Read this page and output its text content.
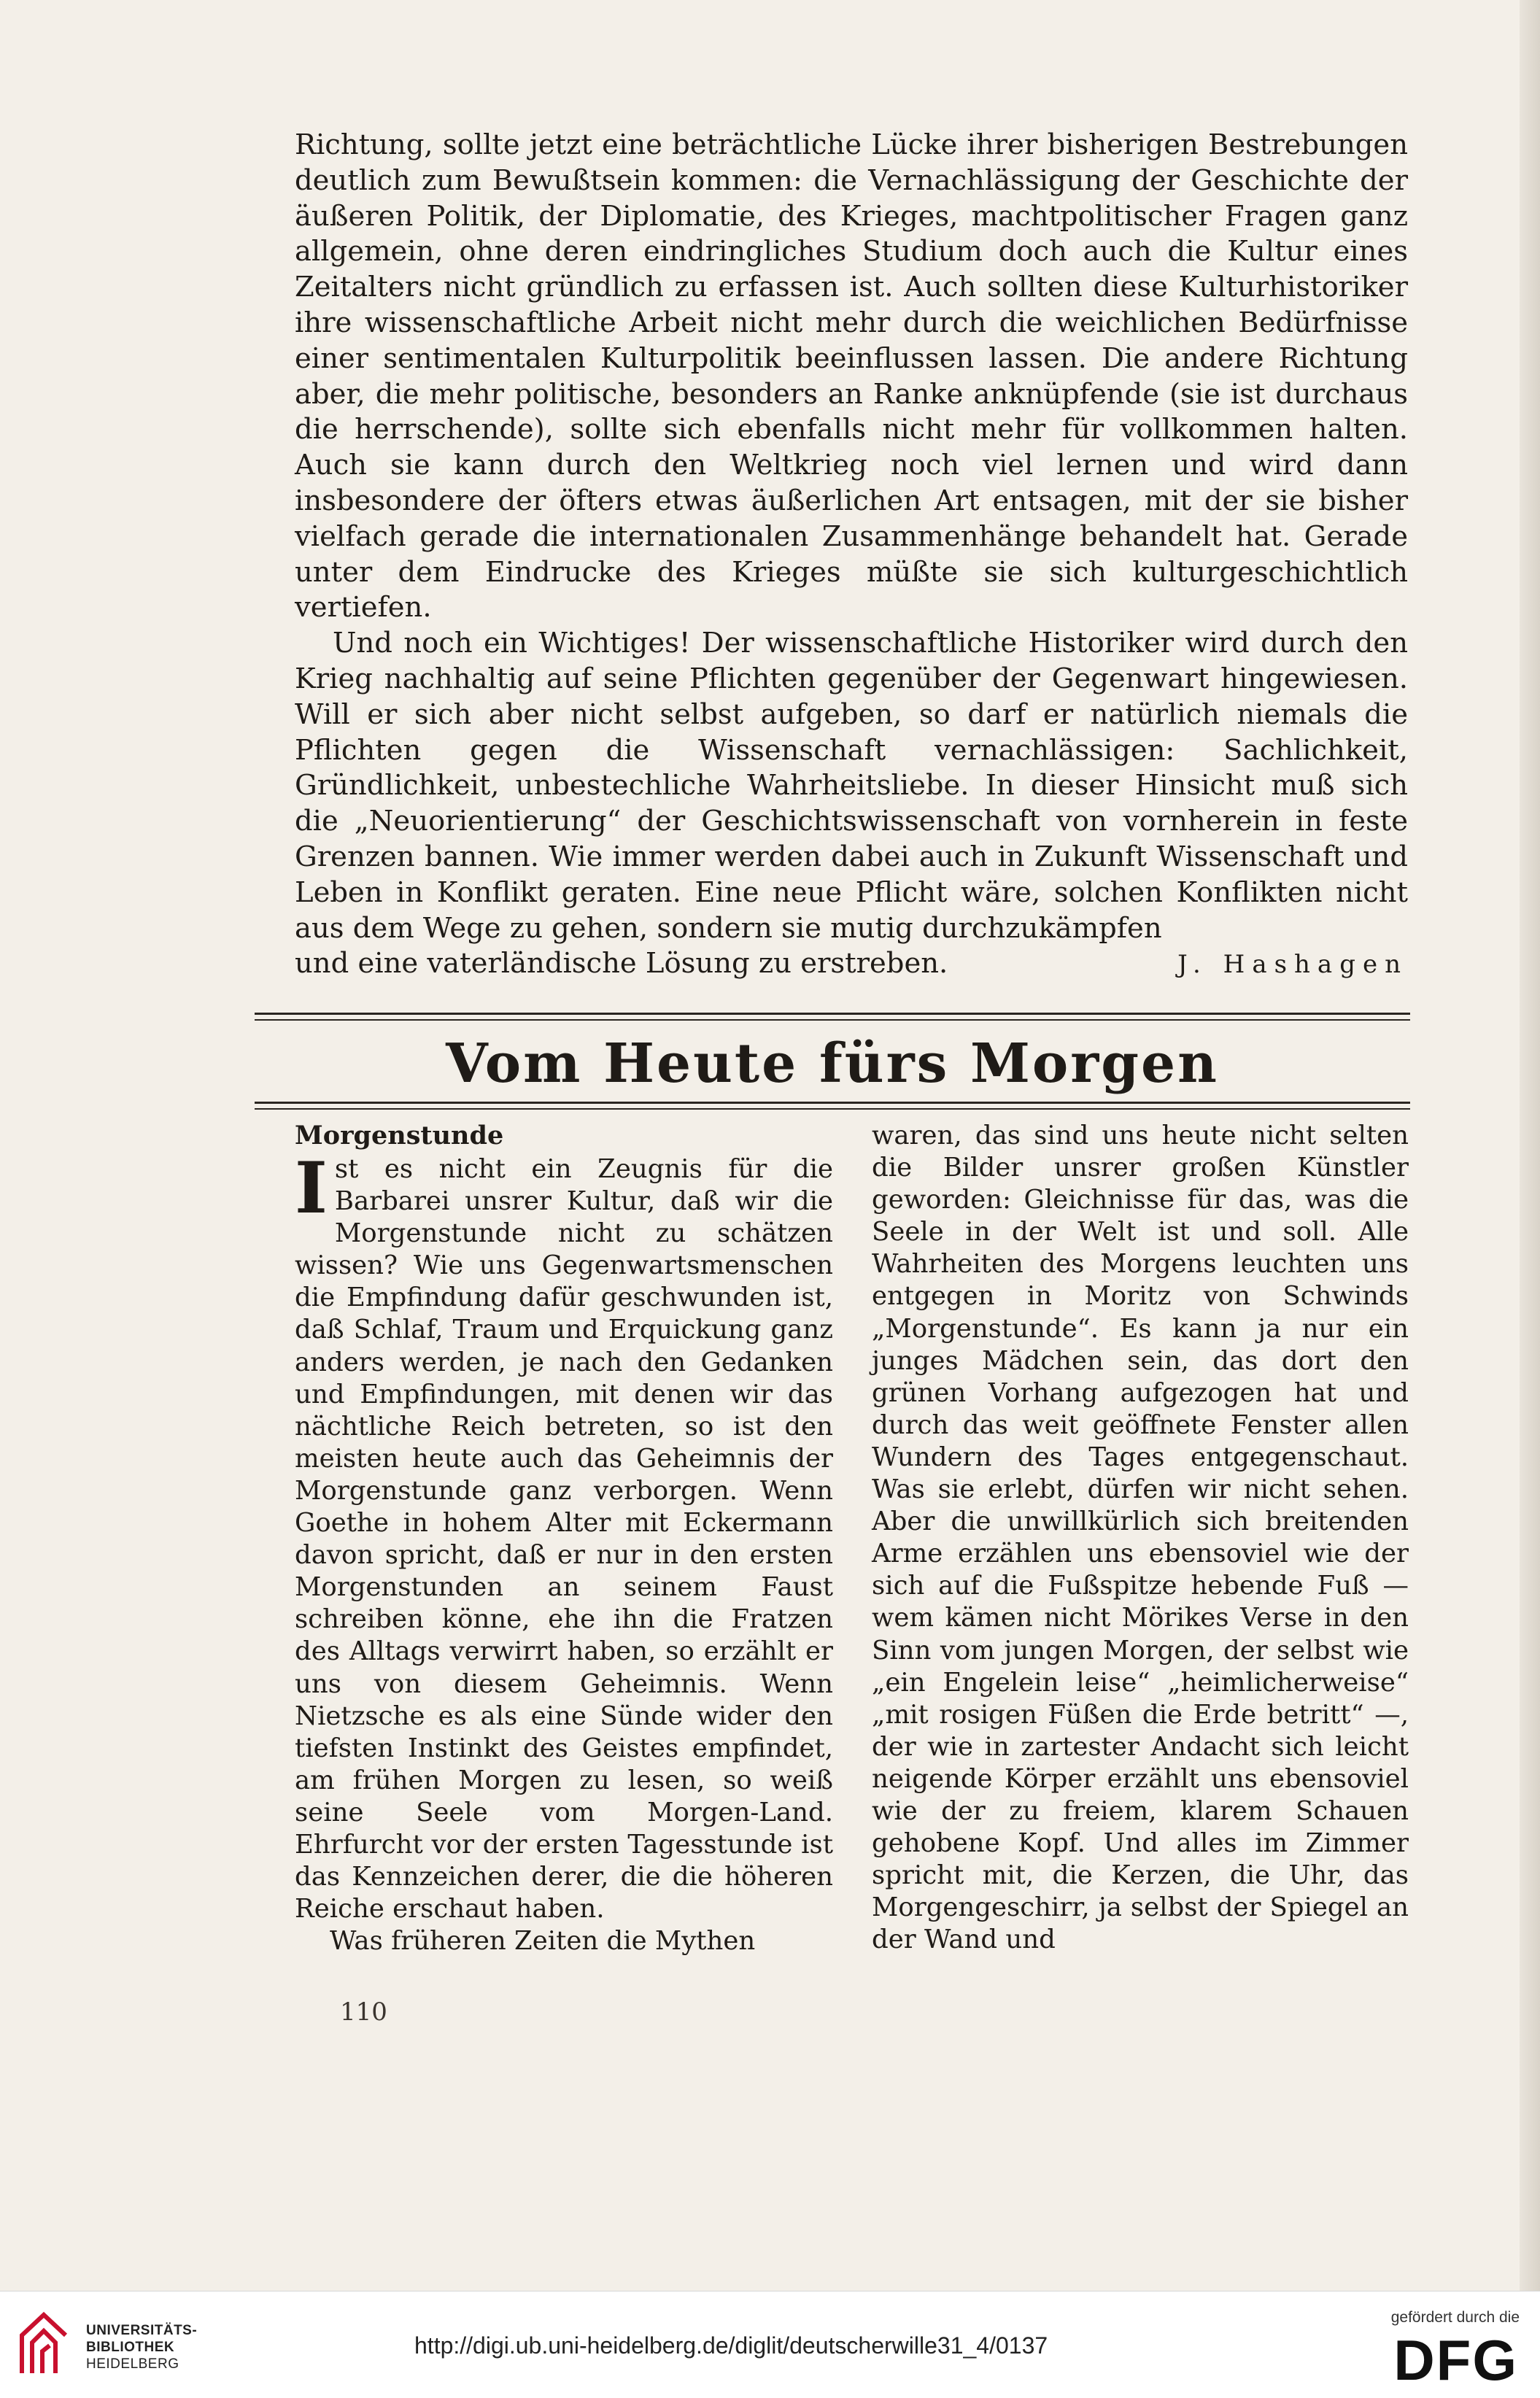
Richtung, sollte jetzt eine beträchtliche Lücke ihrer bisherigen Bestrebungen deutlich zum Bewußtsein kommen: die Vernachlässigung der Geschichte der äußeren Politik, der Diplomatie, des Krieges, machtpolitischer Fragen ganz allgemein, ohne deren eindringliches Studium doch auch die Kultur eines Zeitalters nicht gründlich zu erfassen ist. Auch sollten diese Kulturhistoriker ihre wissenschaftliche Arbeit nicht mehr durch die weichlichen Bedürfnisse einer sentimentalen Kulturpolitik beeinflussen lassen. Die andere Richtung aber, die mehr politische, besonders an Ranke anknüpfende (sie ist durchaus die herrschende), sollte sich ebenfalls nicht mehr für vollkommen halten. Auch sie kann durch den Weltkrieg noch viel lernen und wird dann insbesondere der öfters etwas äußerlichen Art entsagen, mit der sie bisher vielfach gerade die internationalen Zusammenhänge behandelt hat. Gerade unter dem Eindrucke des Krieges müßte sie sich kulturgeschichtlich vertiefen.

Und noch ein Wichtiges! Der wissenschaftliche Historiker wird durch den Krieg nachhaltig auf seine Pflichten gegenüber der Gegenwart hingewiesen. Will er sich aber nicht selbst aufgeben, so darf er natürlich niemals die Pflichten gegen die Wissenschaft vernachlässigen: Sachlichkeit, Gründlichkeit, unbestechliche Wahrheitsliebe. In dieser Hinsicht muß sich die „Neuorientierung“ der Geschichtswissenschaft von vornherein in feste Grenzen bannen. Wie immer werden dabei auch in Zukunft Wissenschaft und Leben in Konflikt geraten. Eine neue Pflicht wäre, solchen Konflikten nicht aus dem Wege zu gehen, sondern sie mutig durchzukämpfen

und eine vaterländische Lösung zu erstreben.	J. Hashagen
Vom Heute fürs Morgen
Morgenstunde

Ist es nicht ein Zeugnis für die Barbarei unsrer Kultur, daß wir die Morgenstunde nicht zu schätzen wissen? Wie uns Gegenwartsmenschen die Empfindung dafür geschwunden ist, daß Schlaf, Traum und Erquickung ganz anders werden, je nach den Gedanken und Empfindungen, mit denen wir das nächtliche Reich betreten, so ist den meisten heute auch das Geheimnis der Morgenstunde ganz verborgen. Wenn Goethe in hohem Alter mit Eckermann davon spricht, daß er nur in den ersten Morgenstunden an seinem Faust schreiben könne, ehe ihn die Fratzen des Alltags verwirrt haben, so erzählt er uns von diesem Geheimnis. Wenn Nietzsche es als eine Sünde wider den tiefsten Instinkt des Geistes empfindet, am frühen Morgen zu lesen, so weiß seine Seele vom Morgen-Land. Ehrfurcht vor der ersten Tagesstunde ist das Kennzeichen derer, die die höheren Reiche erschaut haben.

Was früheren Zeiten die Mythen

waren, das sind uns heute nicht selten die Bilder unsrer großen Künstler geworden: Gleichnisse für das, was die Seele in der Welt ist und soll. Alle Wahrheiten des Morgens leuchten uns entgegen in Moritz von Schwinds „Morgenstunde“. Es kann ja nur ein junges Mädchen sein, das dort den grünen Vorhang aufgezogen hat und durch das weit geöffnete Fenster allen Wundern des Tages entgegenschaut. Was sie erlebt, dürfen wir nicht sehen. Aber die unwillkürlich sich breitenden Arme erzählen uns ebensoviel wie der sich auf die Fußspitze hebende Fuß — wem kämen nicht Mörikes Verse in den Sinn vom jungen Morgen, der selbst wie „ein Engelein leise“ „heimlicherweise“ „mit rosigen Füßen die Erde betritt“ —, der wie in zartester Andacht sich leicht neigende Körper erzählt uns ebensoviel wie der zu freiem, klarem Schauen gehobene Kopf. Und alles im Zimmer spricht mit, die Kerzen, die Uhr, das Morgengeschirr, ja selbst der Spiegel an der Wand und

110
UNIVERSITÄTS-
BIBLIOTHEK
HEIDELBERG
http://digi.ub.uni-heidelberg.de/diglit/deutscherwille31_4/0137
gefördert durch die
DFG
